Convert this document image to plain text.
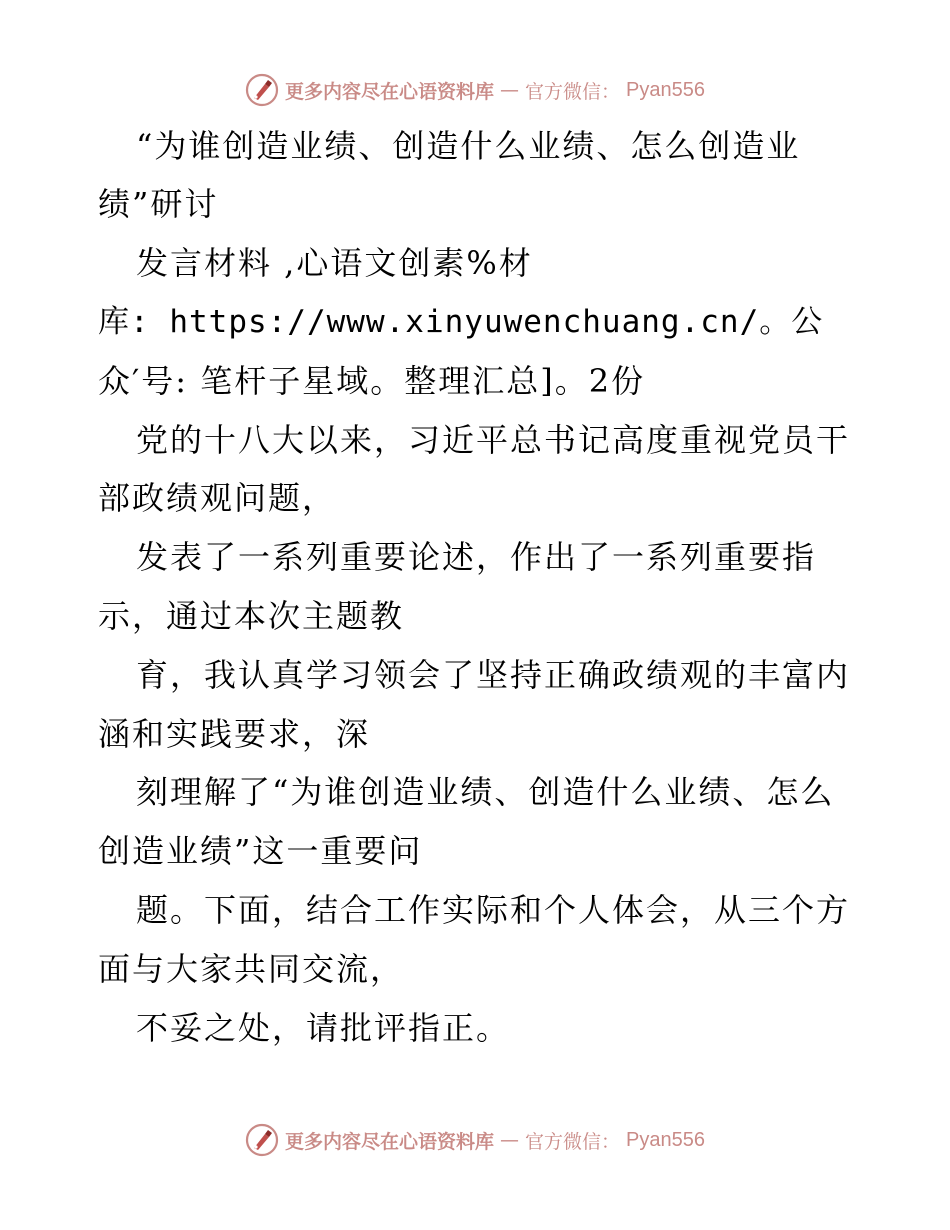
更多内容尽在心语资料库 — 官方微信： Pyan556
“为谁创造业绩、创造什么业绩、怎么创造业
绩”研讨
发言材料 ,心语文创素%材
库: https://www.xinyuwenchuang.cn/。公
众′号: 笔杆子星域。整理汇总]。2份
党的十八大以来，习近平总书记高度重视党员干
部政绩观问题，
发表了一系列重要论述，作出了一系列重要指
示，通过本次主题教
育，我认真学习领会了坚持正确政绩观的丰富内
涵和实践要求，深
刻理解了“为谁创造业绩、创造什么业绩、怎么
创造业绩”这一重要问
题。下面，结合工作实际和个人体会，从三个方
面与大家共同交流，
不妥之处，请批评指正。
更多内容尽在心语资料库 — 官方微信： Pyan556
